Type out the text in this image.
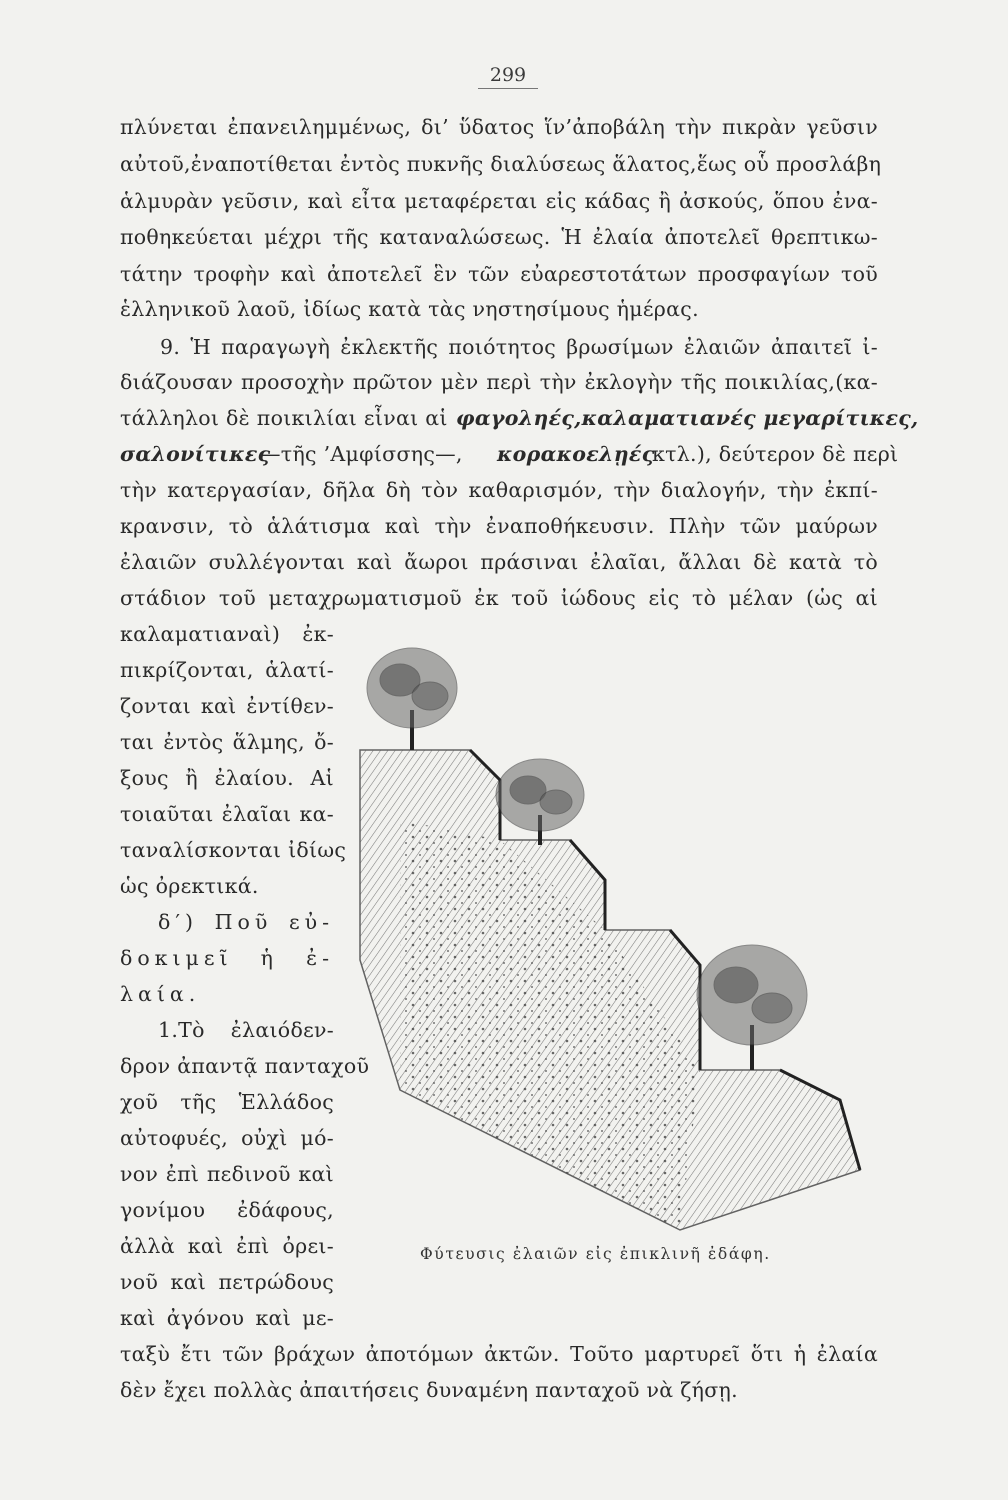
299
πλύνεται ἐπανειλημμένως, δι’ ὕδατος ἵν’ἀποβάλη τὴν πικρὰν γεῦσιν
αὐτοῦ,ἐναποτίθεται ἐντὸς πυκνῆς διαλύσεως ἅλατος,ἕως οὗ προσλάβη
ἁλμυρὰν γεῦσιν, καὶ εἶτα μεταφέρεται εἰς κάδας ἢ ἀσκούς, ὅπου ἐνα-
ποθηκεύεται μέχρι τῆς καταναλώσεως. Ἡ ἐλαία ἀποτελεῖ θρεπτικω-
τάτην τροφὴν καὶ ἀποτελεῖ ἓν τῶν εὐαρεστοτάτων προσφαγίων τοῦ
ἑλληνικοῦ λαοῦ, ἰδίως κατὰ τὰς νηστησίμους ἡμέρας.
9. Ἡ παραγωγὴ ἐκλεκτῆς ποιότητος βρωσίμων ἐλαιῶν ἀπαιτεῖ ἰ-
διάζουσαν προσοχὴν πρῶτον μὲν περὶ τὴν ἐκλογὴν τῆς ποικιλίας,(κα-
τάλληλοι δὲ ποικιλίαι εἶναι αἱ φαγοληές,καλαματιανές μεγαρίτικες,
σαλονίτικες
—τῆς ’Αμφίσσης—, κορακοελῃές
κτλ.), δεύτερον δὲ περὶ
τὴν κατεργασίαν, δῆλα δὴ τὸν καθαρισμόν, τὴν διαλογήν, τὴν ἐκπί-
κρανσιν, τὸ ἁλάτισμα καὶ τὴν ἐναποθήκευσιν. Πλὴν τῶν μαύρων
ἐλαιῶν συλλέγονται καὶ ἄωροι πράσιναι ἐλαῖαι, ἄλλαι δὲ κατὰ τὸ
στάδιον τοῦ μεταχρωματισμοῦ ἐκ τοῦ ἰώδους εἰς τὸ μέλαν (ὡς αἱ
καλαματιαναὶ) ἐκ-
πικρίζονται, ἁλατί-
ζονται καὶ ἐντίθεν-
ται ἐντὸς ἅλμης, ὄ-
ξους ἢ ἐλαίου. Αἱ
τοιαῦται ἐλαῖαι κα-
ταναλίσκονται ἰδίως
ὡς ὀρεκτικά.
δ′) Ποῦ εὐ-
δοκιμεῖ ἡ ἐ-
λαία.
1.Τὸ ἐλαιόδεν-
δρον ἀπαντᾷ πανταχοῦ
χοῦ τῆς Ἑλλάδος
αὐτοφυές, οὐχὶ μό-
νον ἐπὶ πεδινοῦ καὶ
γονίμου ἐδάφους,
ἀλλὰ καὶ ἐπὶ ὀρει-
νοῦ καὶ πετρώδους
καὶ ἀγόνου καὶ με-
ταξὺ ἔτι τῶν βράχων ἀποτόμων ἀκτῶν. Τοῦτο μαρτυρεῖ ὅτι ἡ ἐλαία
δὲν ἔχει πολλὰς ἀπαιτήσεις δυναμένη πανταχοῦ νὰ ζήσῃ.
Φύτευσις ἐλαιῶν εἰς ἐπικλινῆ ἐδάφη.
